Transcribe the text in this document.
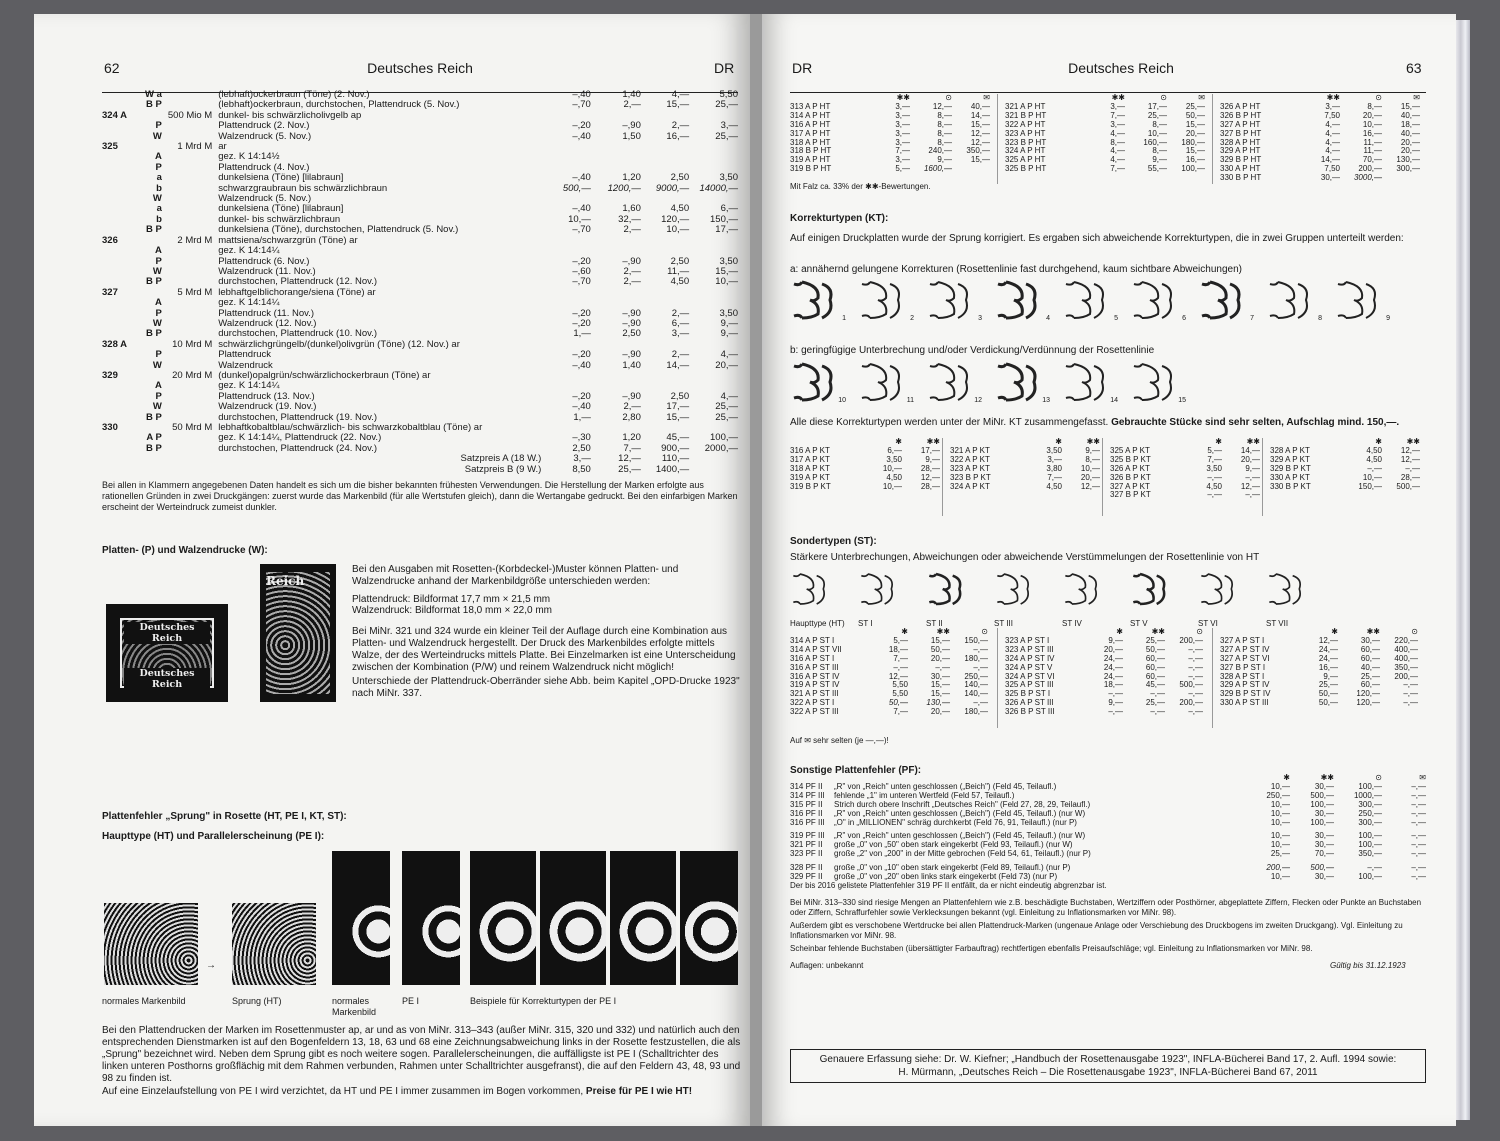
62	Deutsches Reich	DR
	W a		(lebhaft)ockerbraun (Töne) (2. Nov.)	–,40	1,40	4,—	5,50
	B P		(lebhaft)ockerbraun, durchstochen, Plattendruck (5. Nov.)	–,70	2,—	15,—	25,—
324 A		500 Mio M	dunkel- bis schwärzlicholivgelb ap				
	P		Plattendruck (2. Nov.)	–,20	–,90	2,—	3,—
	W		Walzendruck (5. Nov.)	–,40	1,50	16,—	25,—
325		1 Mrd M	ar				
	A		gez. K 14:14½				
	P		Plattendruck (4. Nov.)				
	a		dunkelsiena (Töne) [lilabraun]	–,40	1,20	2,50	3,50
	b		schwarzgraubraun bis schwärzlichbraun	500,—	1200,—	9000,—	14000,—
	W		Walzendruck (5. Nov.)				
	a		dunkelsiena (Töne) [lilabraun]	–,40	1,60	4,50	6,—
	b		dunkel- bis schwärzlichbraun	10,—	32,—	120,—	150,—
	B P		dunkelsiena (Töne), durchstochen, Plattendruck (5. Nov.)	–,70	2,—	10,—	17,—
326		2 Mrd M	mattsiena/schwarzgrün (Töne) ar				
	A		gez. K 14:14¼				
	P		Plattendruck (6. Nov.)	–,20	–,90	2,50	3,50
	W		Walzendruck (11. Nov.)	–,60	2,—	11,—	15,—
	B P		durchstochen, Plattendruck (12. Nov.)	–,70	2,—	4,50	10,—
327		5 Mrd M	lebhaftgelblichorange/siena (Töne) ar				
	A		gez. K 14:14¼				
	P		Plattendruck (11. Nov.)	–,20	–,90	2,—	3,50
	W		Walzendruck (12. Nov.)	–,20	–,90	6,—	9,—
	B P		durchstochen, Plattendruck (10. Nov.)	1,—	2,50	3,—	9,—
328 A		10 Mrd M	schwärzlichgrüngelb/(dunkel)olivgrün (Töne) (12. Nov.) ar				
	P		Plattendruck	–,20	–,90	2,—	4,—
	W		Walzendruck	–,40	1,40	14,—	20,—
329		20 Mrd M	(dunkel)opalgrün/schwärzlichockerbraun (Töne) ar				
	A		gez. K 14:14¼				
	P		Plattendruck (13. Nov.)	–,20	–,90	2,50	4,—
	W		Walzendruck (19. Nov.)	–,40	2,—	17,—	25,—
	B P		durchstochen, Plattendruck (19. Nov.)	1,—	2,80	15,—	25,—
330		50 Mrd M	lebhaftkobaltblau/schwärzlich- bis schwarzkobaltblau (Töne) ar				
	A P		gez. K 14:14¼, Plattendruck (22. Nov.)	–,30	1,20	45,—	100,—
	B P		durchstochen, Plattendruck (24. Nov.)	2,50	7,—	900,—	2000,—
			Satzpreis A (18 W.)	3,—	12,—	110,—	
			Satzpreis B (9 W.)	8,50	25,—	1400,—	
Bei allen in Klammern angegebenen Daten handelt es sich um die bisher bekannten frühesten Verwendungen. Die Herstellung der Marken erfolgte aus rationellen Gründen in zwei Druckgängen: zuerst wurde das Markenbild (für alle Wertstufen gleich), dann die Wertangabe gedruckt. Bei den einfarbigen Marken erscheint der Werteindruck zumeist dunkler.
Platten- (P) und Walzendrucke (W):
Deutsches Reich
Deutsches Reich
Reich
Bei den Ausgaben mit Rosetten-(Korbdeckel-)Muster können Platten- und Walzendrucke anhand der Markenbildgröße unterschieden werden:
Plattendruck: Bildformat 17,7 mm × 21,5 mm
Walzendruck: Bildformat 18,0 mm × 22,0 mm
Bei MiNr. 321 und 324 wurde ein kleiner Teil der Auflage durch eine Kombination aus Platten- und Walzendruck hergestellt. Der Druck des Markenbildes erfolgte mittels Walze, der des Werteindrucks mittels Platte. Bei Einzelmarken ist eine Unterscheidung zwischen der Kombination (P/W) und reinem Walzendruck nicht möglich!
Unterschiede der Plattendruck-Oberränder siehe Abb. beim Kapitel „OPD-Drucke 1923" nach MiNr. 337.
Plattenfehler „Sprung" in Rosette (HT, PE I, KT, ST):
Haupttype (HT) und Parallelerscheinung (PE I):
→
normales Markenbild	Sprung (HT)	normales Markenbild
PE I	Beispiele für Korrekturtypen der PE I
Bei den Plattendrucken der Marken im Rosettenmuster ap, ar und as von MiNr. 313–343 (außer MiNr. 315, 320 und 332) und natürlich auch den entsprechenden Dienstmarken ist auf den Bogenfeldern 13, 18, 63 und 68 eine Zeichnungsabweichung links in der Rosette festzustellen, die als „Sprung" bezeichnet wird. Neben dem Sprung gibt es noch weitere sogen. Parallelerscheinungen, die auffälligste ist PE I (Schalltrichter des linken unteren Posthorns großflächig mit dem Rahmen verbunden, Rahmen unter Schalltrichter ausgefranst), die auf den Feldern 43, 48, 93 und 98 zu finden ist.
Auf eine Einzelaufstellung von PE I wird verzichtet, da HT und PE I immer zusammen im Bogen vorkommen, Preise für PE I wie HT!
DR	Deutsches Reich	63
	✱✱	⊙	✉
313 A P HT	3,—	12,—	40,—
314 A P HT	3,—	8,—	14,—
316 A P HT	3,—	8,—	15,—
317 A P HT	3,—	8,—	12,—
318 A P HT	3,—	8,—	12,—
318 B P HT	7,—	240,—	350,—
319 A P HT	3,—	9,—	15,—
319 B P HT	5,—	1600,—	
	✱✱	⊙	✉
321 A P HT	3,—	17,—	25,—
321 B P HT	7,—	25,—	50,—
322 A P HT	3,—	8,—	15,—
323 A P HT	4,—	10,—	20,—
323 B P HT	8,—	160,—	180,—
324 A P HT	4,—	8,—	15,—
325 A P HT	4,—	9,—	16,—
325 B P HT	7,—	55,—	100,—
	✱✱	⊙	✉
326 A P HT	3,—	8,—	15,—
326 B P HT	7,50	20,—	40,—
327 A P HT	4,—	10,—	18,—
327 B P HT	4,—	16,—	40,—
328 A P HT	4,—	11,—	20,—
329 A P HT	4,—	11,—	20,—
329 B P HT	14,—	70,—	130,—
330 A P HT	7,50	200,—	300,—
330 B P HT	30,—	3000,—	
Mit Falz ca. 33% der ✱✱-Bewertungen.
Korrekturtypen (KT):
Auf einigen Druckplatten wurde der Sprung korrigiert. Es ergaben sich abweichende Korrekturtypen, die in zwei Gruppen unterteilt werden:
a: annähernd gelungene Korrekturen (Rosettenlinie fast durchgehend, kaum sichtbare Abweichungen)
1	2	3	4	5	6	7	8	9
b: geringfügige Unterbrechung und/oder Verdickung/Verdünnung der Rosettenlinie
10	11	12	13	14	15
Alle diese Korrekturtypen werden unter der MiNr. KT zusammengefasst. Gebrauchte Stücke sind sehr selten, Aufschlag mind. 150,—.
	✱	✱✱
316 A P KT	6,—	17,—
317 A P KT	3,50	9,—
318 A P KT	10,—	28,—
319 A P KT	4,50	12,—
319 B P KT	10,—	28,—
	✱	✱✱
321 A P KT	3,50	9,—
322 A P KT	3,—	8,—
323 A P KT	3,80	10,—
323 B P KT	7,—	20,—
324 A P KT	4,50	12,—
	✱	✱✱
325 A P KT	5,—	14,—
325 B P KT	7,—	20,—
326 A P KT	3,50	9,—
326 B P KT	–,—	–,—
327 A P KT	4,50	12,—
327 B P KT	–,—	–,—
	✱	✱✱
328 A P KT	4,50	12,—
329 A P KT	4,50	12,—
329 B P KT	–,—	–,—
330 A P KT	10,—	28,—
330 B P KT	150,—	500,—
Sondertypen (ST):
Stärkere Unterbrechungen, Abweichungen oder abweichende Verstümmelungen der Rosettenlinie von HT
Haupttype (HT) ST I	ST II	ST III	ST IV	ST V	ST VI	ST VII
	✱	✱✱	⊙
314 A P ST I	5,—	15,—	150,—
314 A P ST VII	18,—	50,—	–,—
316 A P ST I	7,—	20,—	180,—
316 A P ST III	–,—	–,—	–,—
316 A P ST IV	12,—	30,—	250,—
319 A P ST IV	5,50	15,—	140,—
321 A P ST III	5,50	15,—	140,—
322 A P ST I	50,—	130,—	–,—
322 A P ST III	7,—	20,—	180,—
	✱	✱✱	⊙
323 A P ST I	9,—	25,—	200,—
323 A P ST III	20,—	50,—	–,—
324 A P ST IV	24,—	60,—	–,—
324 A P ST V	24,—	60,—	–,—
324 A P ST VI	24,—	60,—	–,—
325 A P ST III	18,—	45,—	500,—
325 B P ST I	–,—	–,—	–,—
326 A P ST III	9,—	25,—	200,—
326 B P ST III	–,—	–,—	–,—
	✱	✱✱	⊙
327 A P ST I	12,—	30,—	220,—
327 A P ST IV	24,—	60,—	400,—
327 A P ST VI	24,—	60,—	400,—
327 B P ST I	16,—	40,—	350,—
328 A P ST I	9,—	25,—	200,—
329 A P ST IV	25,—	60,—	–,—
329 B P ST IV	50,—	120,—	–,—
330 A P ST III	50,—	120,—	–,—
Auf ✉ sehr selten (je —,—)!
Sonstige Plattenfehler (PF):
		✱	✱✱	⊙	✉
314 PF II	„R" von „Reich" unten geschlossen („Beich") (Feld 45, Teilaufl.)	10,—	30,—	100,—	–,—
314 PF III	fehlende „1" im unteren Wertfeld (Feld 57, Teilaufl.)	250,—	500,—	1000,—	–,—
315 PF II	Strich durch obere Inschrift „Deutsches Reich" (Feld 27, 28, 29, Teilaufl.)	10,—	100,—	300,—	–,—
316 PF II	„R" von „Reich" unten geschlossen („Beich") (Feld 45, Teilaufl.) (nur W)	10,—	30,—	250,—	–,—
316 PF III	„O" in „MILLIONEN" schräg durchkerbt (Feld 76, 91, Teilaufl.) (nur P)	10,—	100,—	300,—	–,—

319 PF III	„R" von „Reich" unten geschlossen („Beich") (Feld 45, Teilaufl.) (nur W)	10,—	30,—	100,—	–,—
321 PF II	große „0" von „50" oben stark eingekerbt (Feld 93, Teilaufl.) (nur W)	10,—	30,—	100,—	–,—
323 PF II	große „2" von „200" in der Mitte gebrochen (Feld 54, 61, Teilaufl.) (nur P)	25,—	70,—	350,—	–,—

328 PF II	große „0" von „10" oben stark eingekerbt (Feld 89, Teilaufl.) (nur P)	200,—	500,—	–,—	–,—
329 PF II	große „0" von „20" oben links stark eingekerbt (Feld 73) (nur P)	10,—	30,—	100,—	–,—
Der bis 2016 gelistete Plattenfehler 319 PF II entfällt, da er nicht eindeutig abgrenzbar ist.
Bei MiNr. 313–330 sind riesige Mengen an Plattenfehlern wie z.B. beschädigte Buchstaben, Wertziffern oder Posthörner, abgeplattete Ziffern, Flecken oder Punkte an Buchstaben oder Ziffern, Schraffurfehler sowie Verklecksungen bekannt (vgl. Einleitung zu Inflationsmarken vor MiNr. 98).
Außerdem gibt es verschobene Wertdrucke bei allen Plattendruck-Marken (ungenaue Anlage oder Verschiebung des Druckbogens im zweiten Druckgang). Vgl. Einleitung zu Inflationsmarken vor MiNr. 98.
Scheinbar fehlende Buchstaben (übersättigter Farbauftrag) rechtfertigen ebenfalls Preisaufschläge; vgl. Einleitung zu Inflationsmarken vor MiNr. 98.
Auflagen: unbekannt	Gültig bis 31.12.1923
Genauere Erfassung siehe: Dr. W. Kiefner; „Handbuch der Rosettenausgabe 1923", INFLA-Bücherei Band 17, 2. Aufl. 1994 sowie:
H. Mürmann, „Deutsches Reich – Die Rosettenausgabe 1923", INFLA-Bücherei Band 67, 2011
